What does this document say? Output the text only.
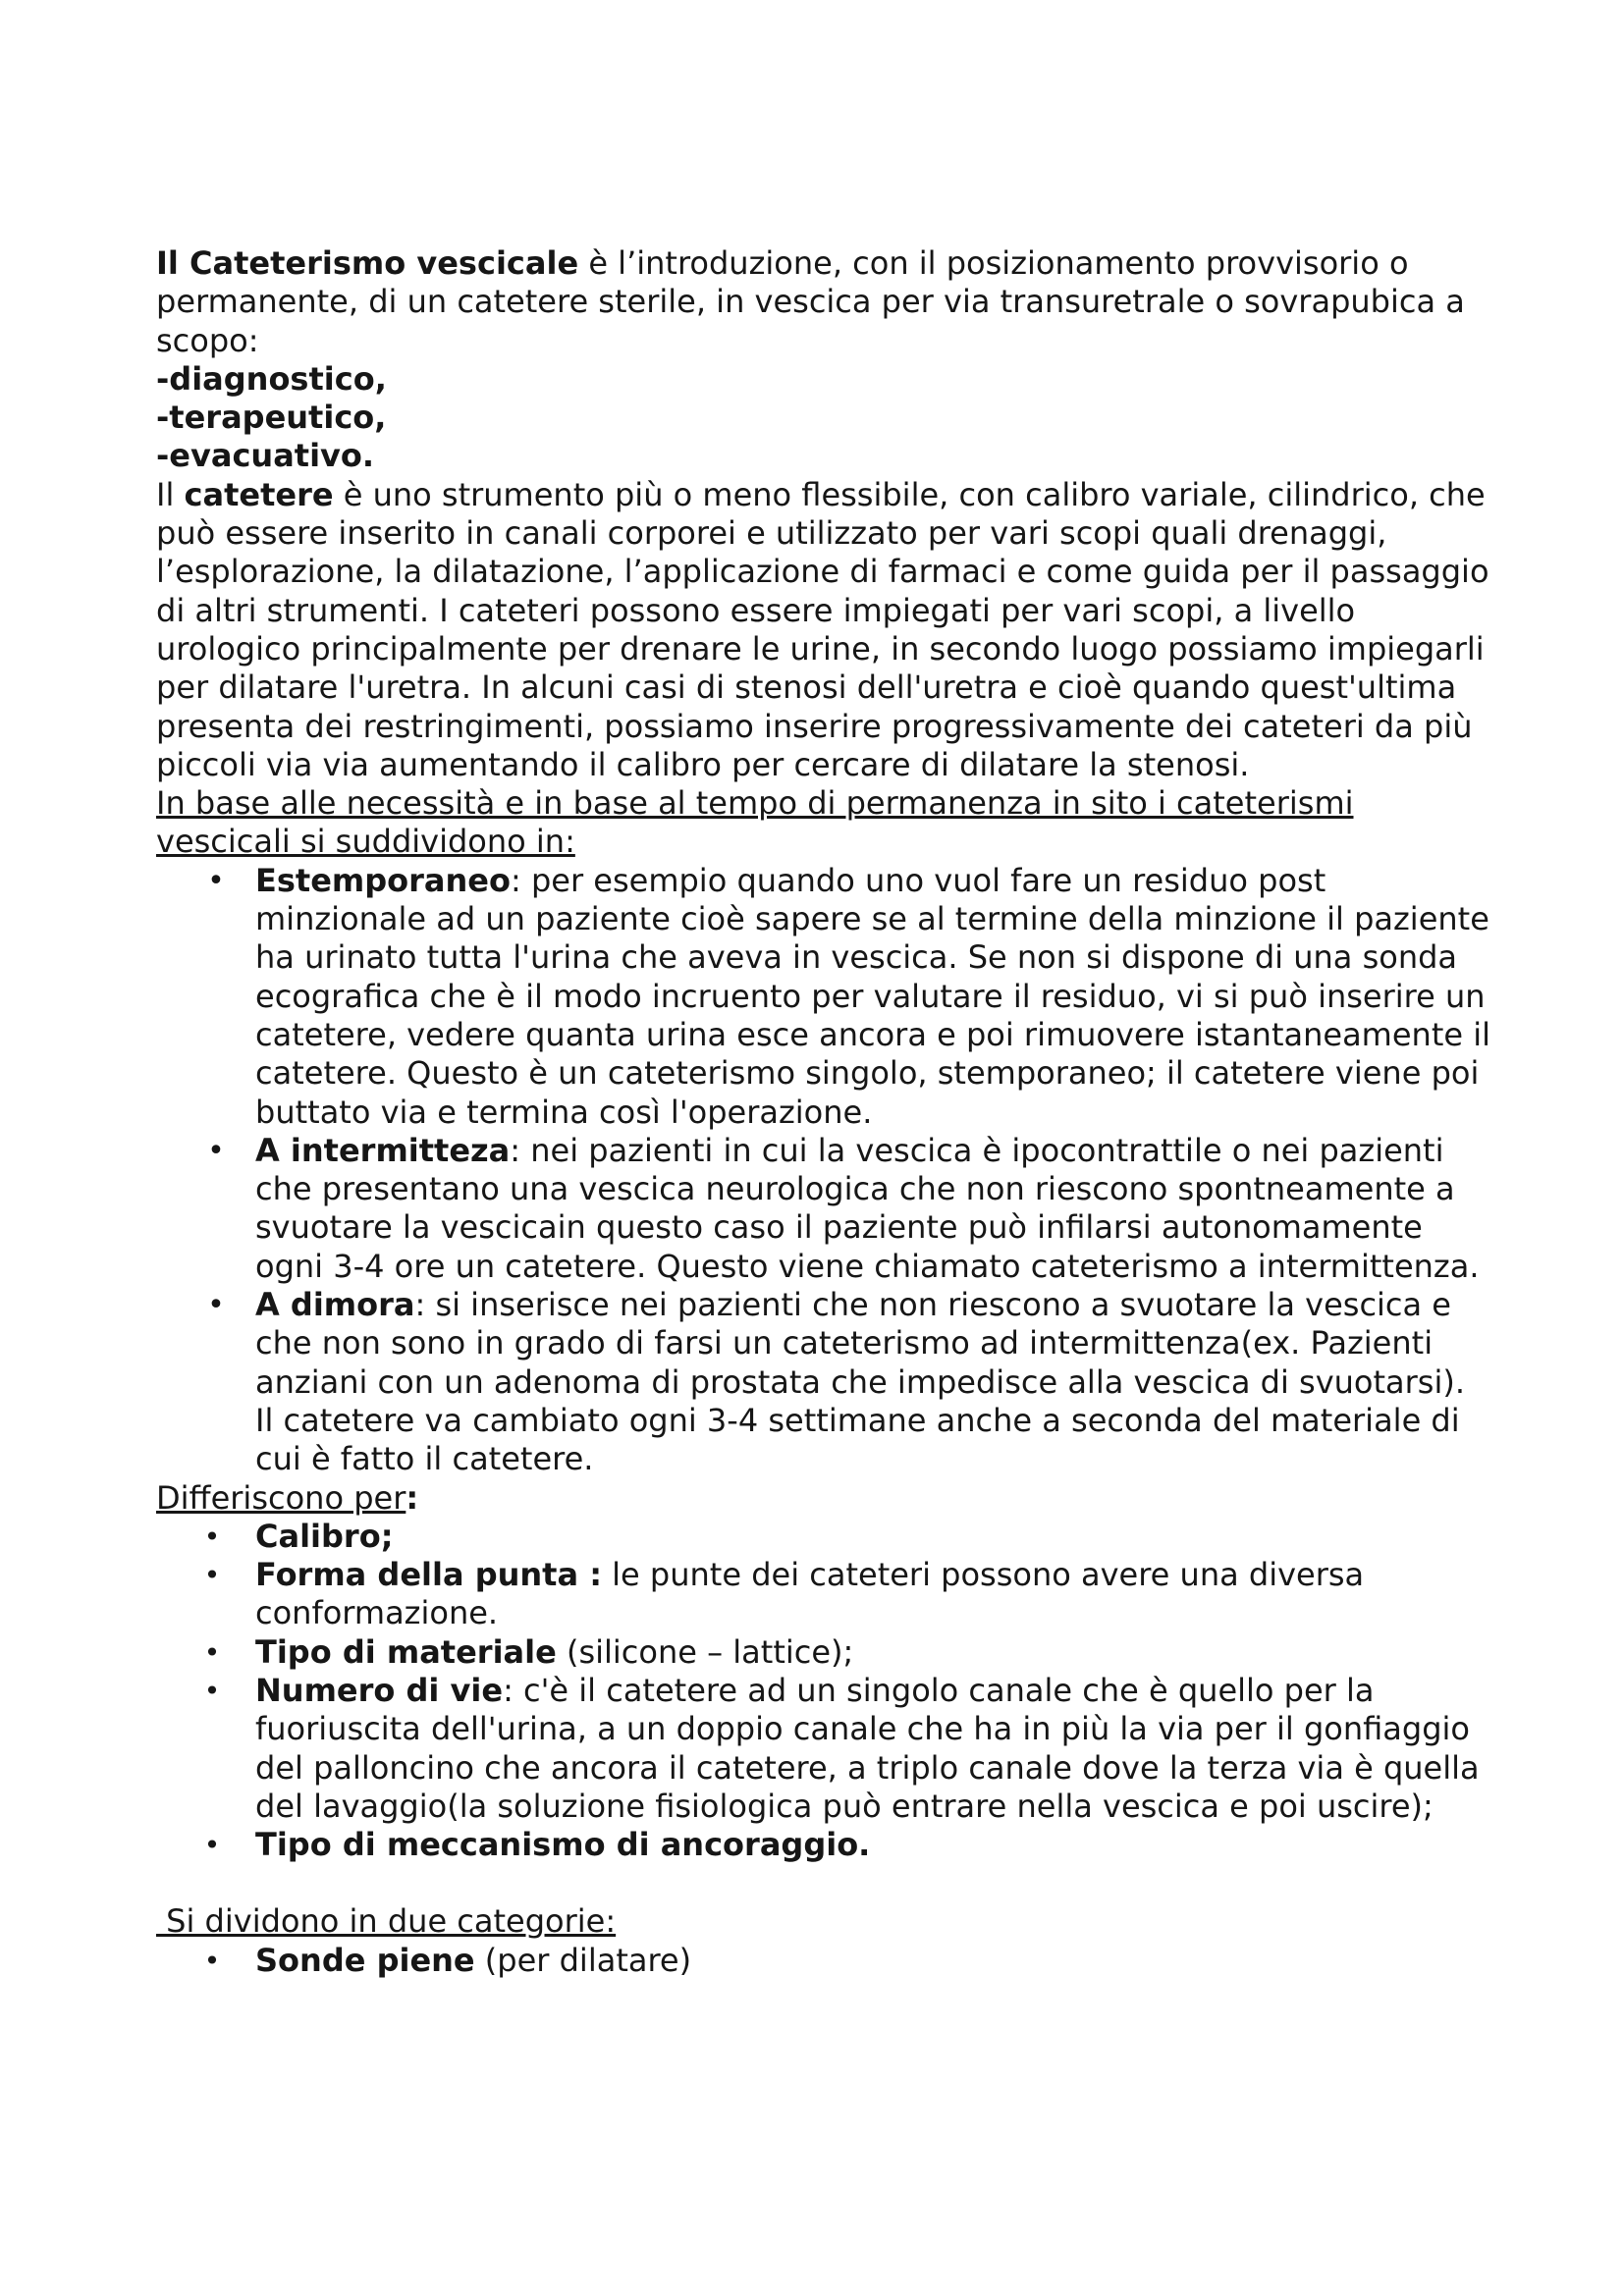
Il Cateterismo vescicale è l’introduzione, con il posizionamento provvisorio o permanente, di un catetere sterile, in vescica per via transuretrale o sovrapubica a scopo:

-diagnostico,

-terapeutico,

-evacuativo.

Il catetere è uno strumento più o meno flessibile, con calibro variale, cilindrico, che può essere inserito in canali corporei e utilizzato per vari scopi quali drenaggi, l’esplorazione, la dilatazione, l’applicazione di farmaci e come guida per il passaggio di altri strumenti. I cateteri possono essere impiegati per vari scopi, a livello urologico principalmente per drenare le urine, in secondo luogo possiamo impiegarli per dilatare l'uretra. In alcuni casi di stenosi dell'uretra e cioè quando quest'ultima presenta dei restringimenti, possiamo inserire progressivamente dei cateteri da più piccoli via via aumentando il calibro per cercare di dilatare la stenosi.

In base alle necessità e in base al tempo di permanenza in sito i cateterismi vescicali si suddividono in:

• Estemporaneo: per esempio quando uno vuol fare un residuo post minzionale ad un paziente cioè sapere se al termine della minzione il paziente ha urinato tutta l'urina che aveva in vescica. Se non si dispone di una sonda ecografica che è il modo incruento per valutare il residuo, vi si può inserire un catetere, vedere quanta urina esce ancora e poi rimuovere istantaneamente il catetere. Questo è un cateterismo singolo, stemporaneo; il catetere viene poi buttato via e termina così l'operazione.
• A intermitteza: nei pazienti in cui la vescica è ipocontrattile o nei pazienti che presentano una vescica neurologica che non riescono spontneamente a svuotare la vescicain questo caso il paziente può infilarsi autonomamente ogni 3-4 ore un catetere. Questo viene chiamato cateterismo a intermittenza.
• A dimora: si inserisce nei pazienti che non riescono a svuotare la vescica e che non sono in grado di farsi un cateterismo ad intermittenza(ex. Pazienti anziani con un adenoma di prostata che impedisce alla vescica di svuotarsi). Il catetere va cambiato ogni 3-4 settimane anche a seconda del materiale di cui è fatto il catetere.

Differiscono per:

•	Calibro;
•	Forma della punta : le punte dei cateteri possono avere una diversa conformazione.
•	Tipo di materiale (silicone – lattice);
•	Numero di vie: c'è il catetere ad un singolo canale che è quello per la fuoriuscita dell'urina, a un doppio canale che ha in più la via per il gonfiaggio del palloncino che ancora il catetere, a triplo canale dove la terza via è quella del lavaggio(la soluzione fisiologica può entrare nella vescica e poi uscire);
•	Tipo di meccanismo di ancoraggio.

Si dividono in due categorie:

•	Sonde piene (per dilatare)
